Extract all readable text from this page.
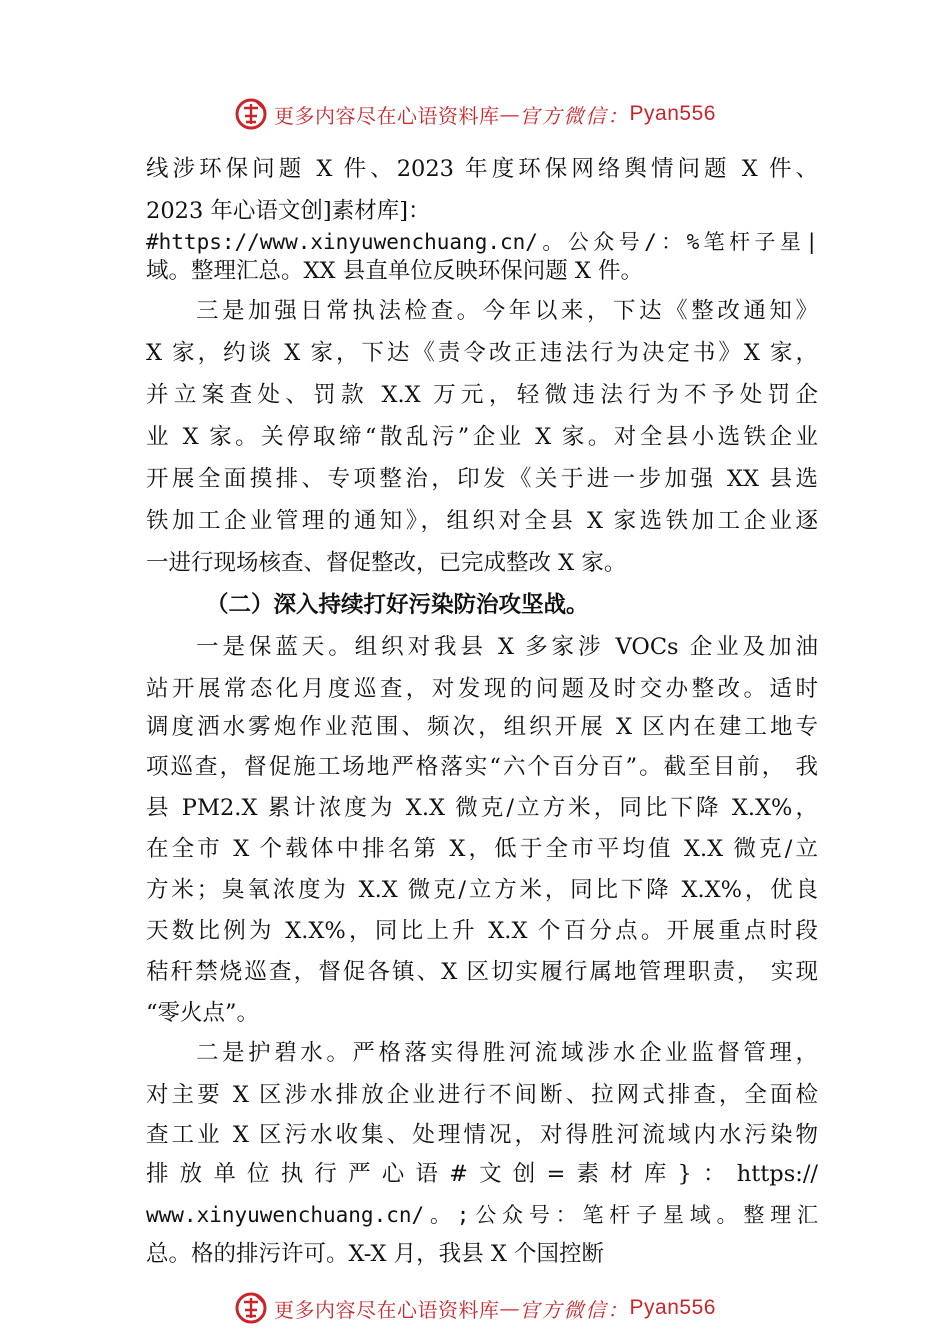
更多内容尽在心语资料库 — 官方微信： Pyan556
线涉环保问题 X 件、2023 年度环保网络舆情问题 X 件、
2023 年心语文创]素材库]：
#https://www.xinyuwenchuang.cn/。公众号/：%笔杆子星|
域。整理汇总。XX 县直单位反映环保问题 X 件。
三是加强日常执法检查。今年以来，下达《整改通知》
X 家，约谈 X 家，下达《责令改正违法行为决定书》X 家，
并立案查处、罚款 X.X 万元，轻微违法行为不予处罚企
业 X 家。关停取缔“散乱污”企业 X 家。对全县小选铁企业
开展全面摸排、专项整治，印发《关于进一步加强 XX 县选
铁加工企业管理的通知》，组织对全县 X 家选铁加工企业逐
一进行现场核查、督促整改，已完成整改 X 家。
（二）深入持续打好污染防治攻坚战。
一是保蓝天。组织对我县 X 多家涉 VOCs 企业及加油
站开展常态化月度巡查，对发现的问题及时交办整改。适时
调度洒水雾炮作业范围、频次，组织开展 X 区内在建工地专
项巡查，督促施工场地严格落实“六个百分百”。截至目前， 我
县 PM2.X 累计浓度为 X.X 微克/立方米，同比下降 X.X%，
在全市 X 个载体中排名第 X，低于全市平均值 X.X 微克/立
方米；臭氧浓度为 X.X 微克/立方米，同比下降 X.X%，优良
天数比例为 X.X%，同比上升 X.X 个百分点。开展重点时段
秸秆禁烧巡查，督促各镇、X 区切实履行属地管理职责， 实现
“零火点”。
二是护碧水。严格落实得胜河流域涉水企业监督管理，
对主要 X 区涉水排放企业进行不间断、拉网式排查，全面检
查工业 X 区污水收集、处理情况，对得胜河流域内水污染物
排放单位执行严心语#文创=素材库}：https://
www.xinyuwenchuang.cn/。;公众号：笔杆子星域。整理汇
总。格的排污许可。X-X 月，我县 X 个国控断
更多内容尽在心语资料库 — 官方微信： Pyan556
